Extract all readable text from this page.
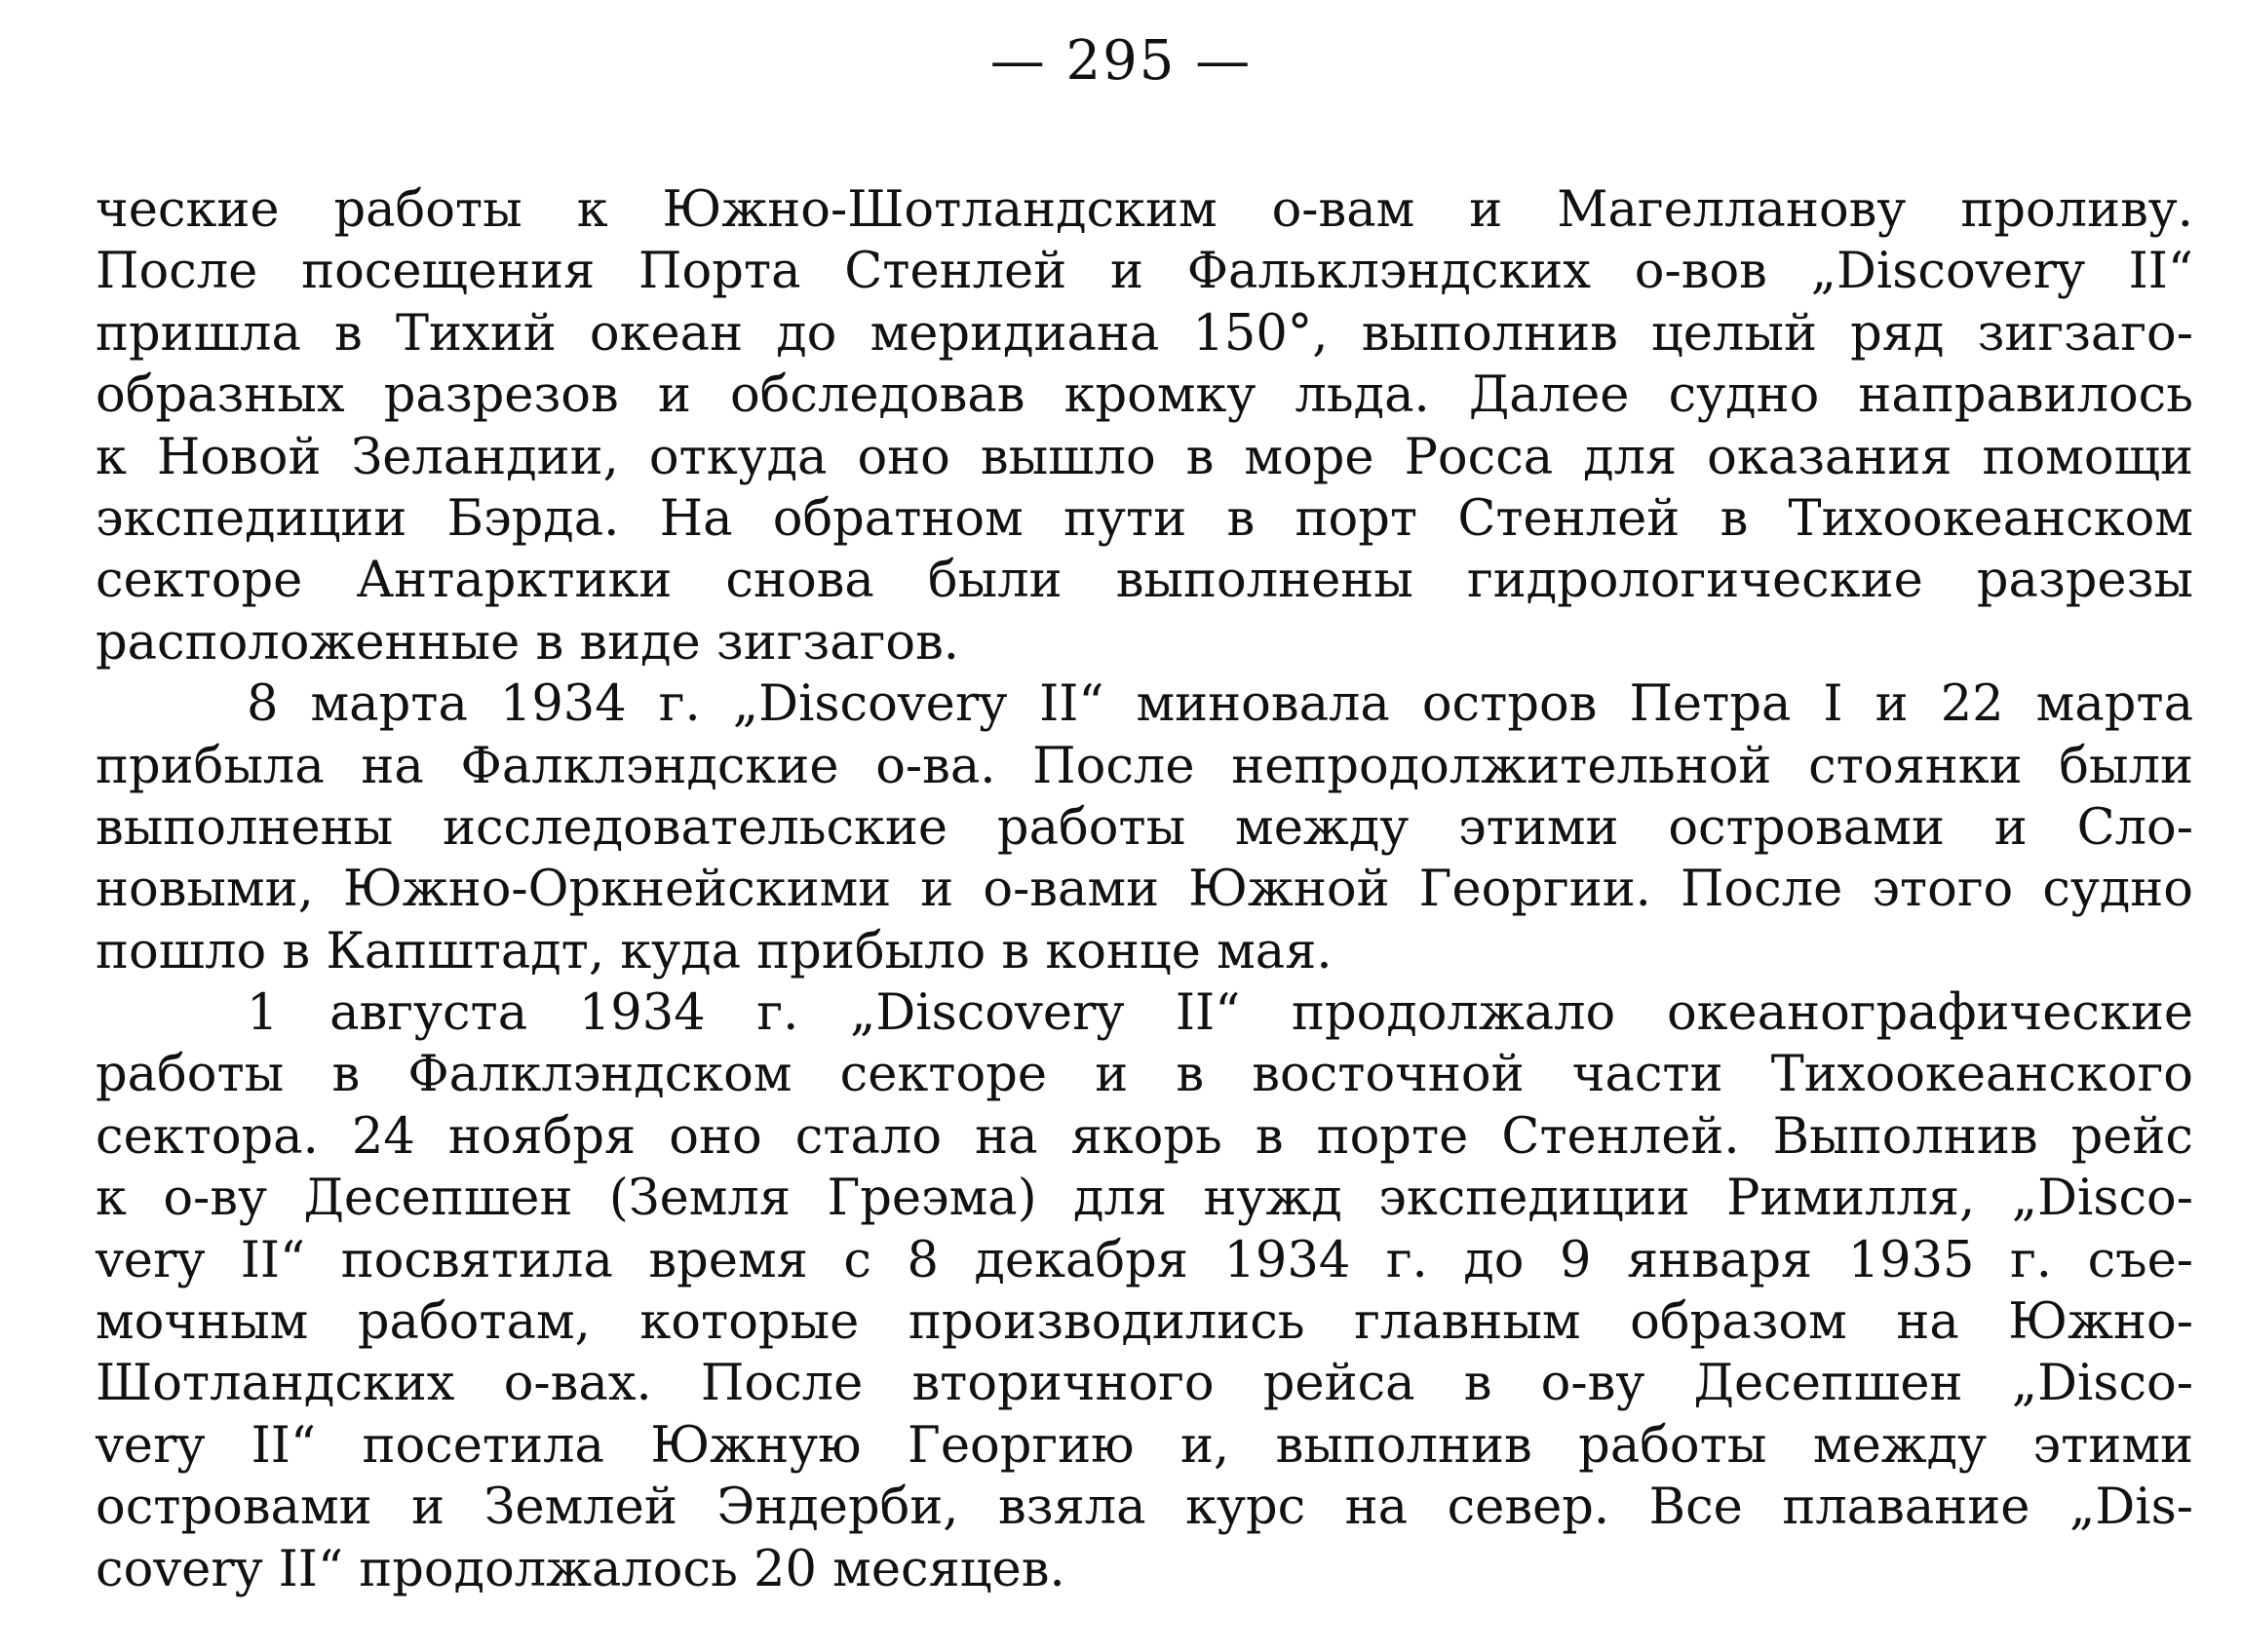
— 295 —
ческие работы к Южно-Шотландским о-вам и Магелланову проливу.
После посещения Порта Стенлей и Фальклэндских о-вов „Discovery II“
пришла в Тихий океан до меридиана 150°, выполнив целый ряд зигзаго-
образных разрезов и обследовав кромку льда. Далее судно направилось
к Новой Зеландии, откуда оно вышло в море Росса для оказания помощи
экспедиции Бэрда. На обратном пути в порт Стенлей в Тихоокеанском
секторе Антарктики снова были выполнены гидрологические разрезы
расположенные в виде зигзагов.
8 марта 1934 г. „Discovery II“ миновала остров Петра I и 22 марта
прибыла на Фалклэндские о-ва. После непродолжительной стоянки были
выполнены исследовательские работы между этими островами и Сло-
новыми, Южно-Оркнейскими и о-вами Южной Георгии. После этого судно
пошло в Капштадт, куда прибыло в конце мая.
1 августа 1934 г. „Discovery II“ продолжало океанографические
работы в Фалклэндском секторе и в восточной части Тихоокеанского
сектора. 24 ноября оно стало на якорь в порте Стенлей. Выполнив рейс
к о-ву Десепшен (Земля Греэма) для нужд экспедиции Римилля, „Disco-
very II“ посвятила время с 8 декабря 1934 г. до 9 января 1935 г. съе-
мочным работам, которые производились главным образом на Южно-
Шотландских о-вах. После вторичного рейса в о-ву Десепшен „Disco-
very II“ посетила Южную Георгию и, выполнив работы между этими
островами и Землей Эндерби, взяла курс на север. Все плавание „Dis-
covery II“ продолжалось 20 месяцев.
